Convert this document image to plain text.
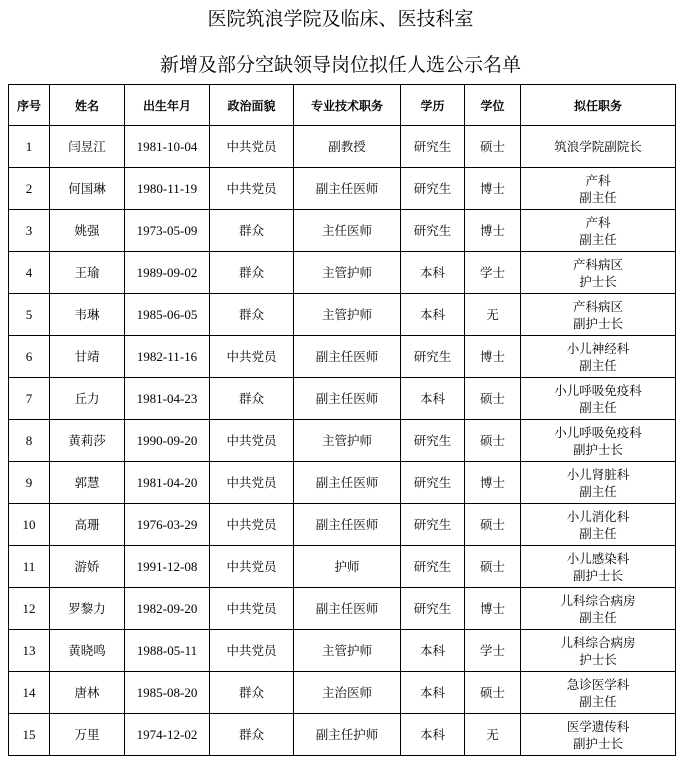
医院筑浪学院及临床、医技科室
新增及部分空缺领导岗位拟任人选公示名单
序号	姓名	出生年月	政治面貌	专业技术职务	学历	学位	拟任职务
1	闫昱江	1981-10-04	中共党员	副教授	研究生	硕士	筑浪学院副院长

2	何国琳	1980-11-19	中共党员	副主任医师	研究生	博士	产科
副主任

3	姚强	1973-05-09	群众	主任医师	研究生	博士	产科
副主任

4	王瑜	1989-09-02	群众	主管护师	本科	学士	产科病区
护士长

5	韦琳	1985-06-05	群众	主管护师	本科	无	产科病区
副护士长

6	甘靖	1982-11-16	中共党员	副主任医师	研究生	博士	小儿神经科
副主任

7	丘力	1981-04-23	群众	副主任医师	本科	硕士	小儿呼吸免疫科
副主任

8	黄莉莎	1990-09-20	中共党员	主管护师	研究生	硕士	小儿呼吸免疫科
副护士长

9	郭慧	1981-04-20	中共党员	副主任医师	研究生	博士	小儿肾脏科
副主任

10	高珊	1976-03-29	中共党员	副主任医师	研究生	硕士	小儿消化科
副主任

11	游娇	1991-12-08	中共党员	护师	研究生	硕士	小儿感染科
副护士长

12	罗黎力	1982-09-20	中共党员	副主任医师	研究生	博士	儿科综合病房
副主任

13	黄晓鸣	1988-05-11	中共党员	主管护师	本科	学士	儿科综合病房
护士长

14	唐林	1985-08-20	群众	主治医师	本科	硕士	急诊医学科
副主任

15	万里	1974-12-02	群众	副主任护师	本科	无	医学遗传科
副护士长
